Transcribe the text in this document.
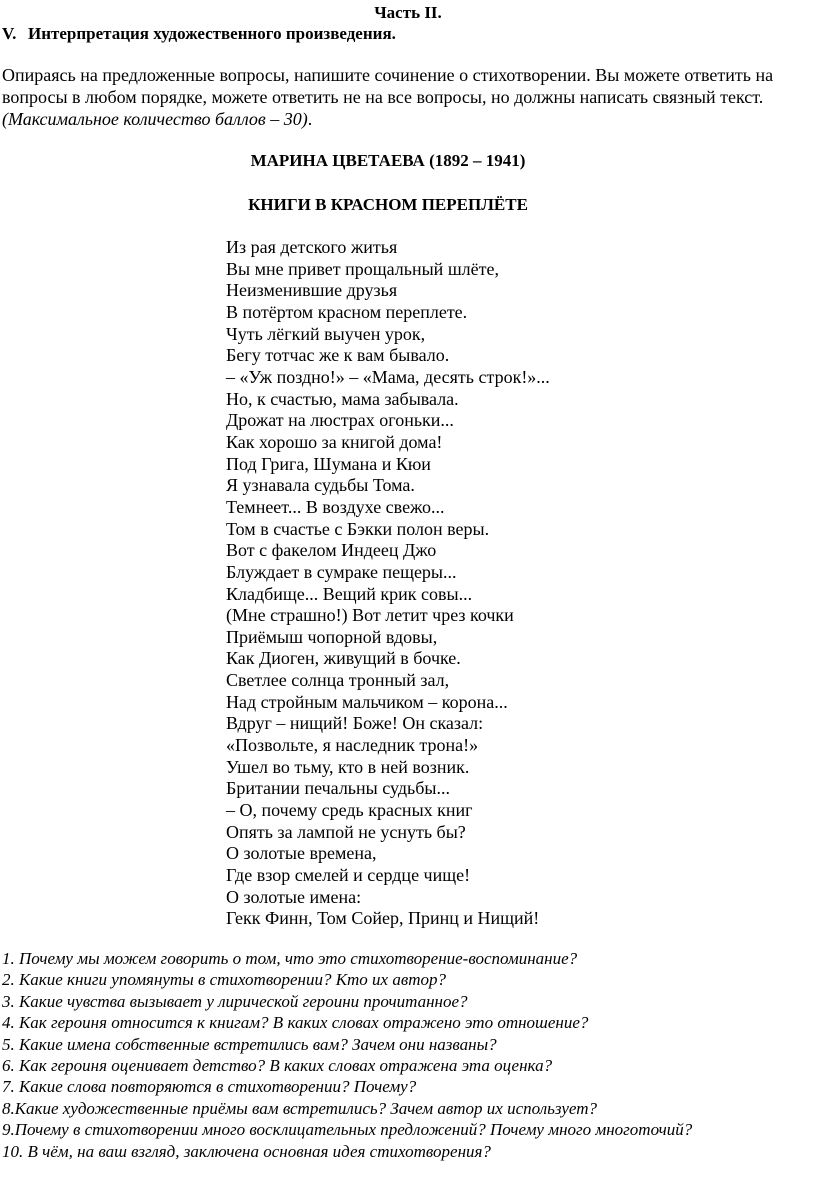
Часть II.
V. Интерпретация художественного произведения.
Опираясь на предложенные вопросы, напишите сочинение о стихотворении. Вы можете ответить на
вопросы в любом порядке, можете ответить не на все вопросы, но должны написать связный текст.
(Максимальное количество баллов – 30).
МАРИНА ЦВЕТАЕВА (1892 – 1941)
КНИГИ В КРАСНОМ ПЕРЕПЛЁТЕ
Из рая детского житья
Вы мне привет прощальный шлёте,
Неизменившие друзья
В потёртом красном переплете.
Чуть лёгкий выучен урок,
Бегу тотчас же к вам бывало.
– «Уж поздно!» – «Мама, десять строк!»...
Но, к счастью, мама забывала.
Дрожат на люстрах огоньки...
Как хорошо за книгой дома!
Под Грига, Шумана и Кюи
Я узнавала судьбы Тома.
Темнеет... В воздухе свежо...
Том в счастье с Бэкки полон веры.
Вот с факелом Индеец Джо
Блуждает в сумраке пещеры...
Кладбище... Вещий крик совы...
(Мне страшно!) Вот летит чрез кочки
Приёмыш чопорной вдовы,
Как Диоген, живущий в бочке.
Светлее солнца тронный зал,
Над стройным мальчиком – корона...
Вдруг – нищий! Боже! Он сказал:
«Позвольте, я наследник трона!»
Ушел во тьму, кто в ней возник.
Британии печальны судьбы...
– О, почему средь красных книг
Опять за лампой не уснуть бы?
О золотые времена,
Где взор смелей и сердце чище!
О золотые имена:
Гекк Финн, Том Сойер, Принц и Нищий!
1. Почему мы можем говорить о том, что это стихотворение-воспоминание?
2. Какие книги упомянуты в стихотворении? Кто их автор?
3. Какие чувства вызывает у лирической героини прочитанное?
4. Как героиня относится к книгам? В каких словах отражено это отношение?
5. Какие имена собственные встретились вам? Зачем они названы?
6. Как героиня оценивает детство? В каких словах отражена эта оценка?
7. Какие слова повторяются в стихотворении? Почему?
8.Какие художественные приёмы вам встретились? Зачем автор их использует?
9.Почему в стихотворении много восклицательных предложений? Почему много многоточий?
10. В чём, на ваш взгляд, заключена основная идея стихотворения?
